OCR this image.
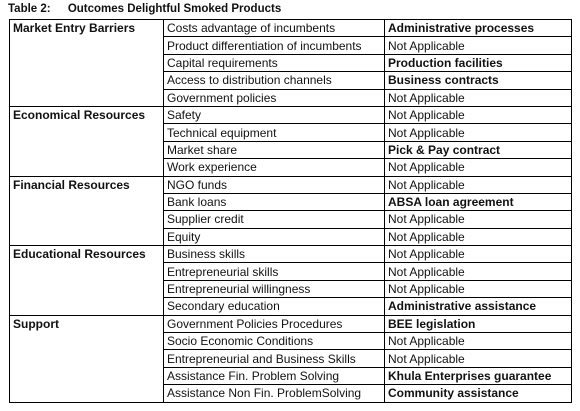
Table 2: Outcomes Delightful Smoked Products
Market Entry Barriers	Costs advantage of incumbents	Administrative processes
	Product differentiation of incumbents	Not Applicable
	Capital requirements	Production facilities
	Access to distribution channels	Business contracts
	Government policies	Not Applicable
Economical Resources	Safety	Not Applicable
	Technical equipment	Not Applicable
	Market share	Pick & Pay contract
	Work experience	Not Applicable
Financial Resources	NGO funds	Not Applicable
	Bank loans	ABSA loan agreement
	Supplier credit	Not Applicable
	Equity	Not Applicable
Educational Resources	Business skills	Not Applicable
	Entrepreneurial skills	Not Applicable
	Entrepreneurial willingness	Not Applicable
	Secondary education	Administrative assistance
Support	Government Policies Procedures	BEE legislation
	Socio Economic Conditions	Not Applicable
	Entrepreneurial and Business Skills	Not Applicable
	Assistance Fin. Problem Solving	Khula Enterprises guarantee
	Assistance Non Fin. ProblemSolving	Community assistance
